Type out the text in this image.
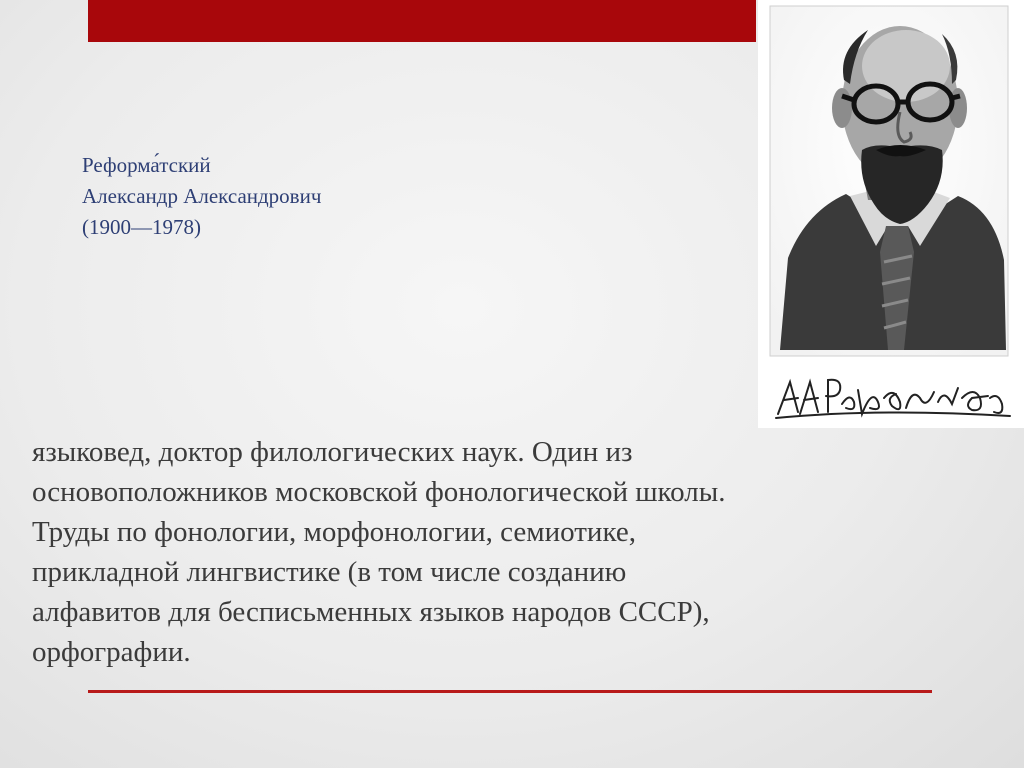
Реформа́тский
Александр Александрович
(1900—1978)
языковед, доктор филологических наук. Один из основоположников московской фонологической школы. Труды по фонологии, морфонологии, семиотике, прикладной лингвистике (в том числе созданию алфавитов для бесписьменных языков народов СССР), орфографии.
